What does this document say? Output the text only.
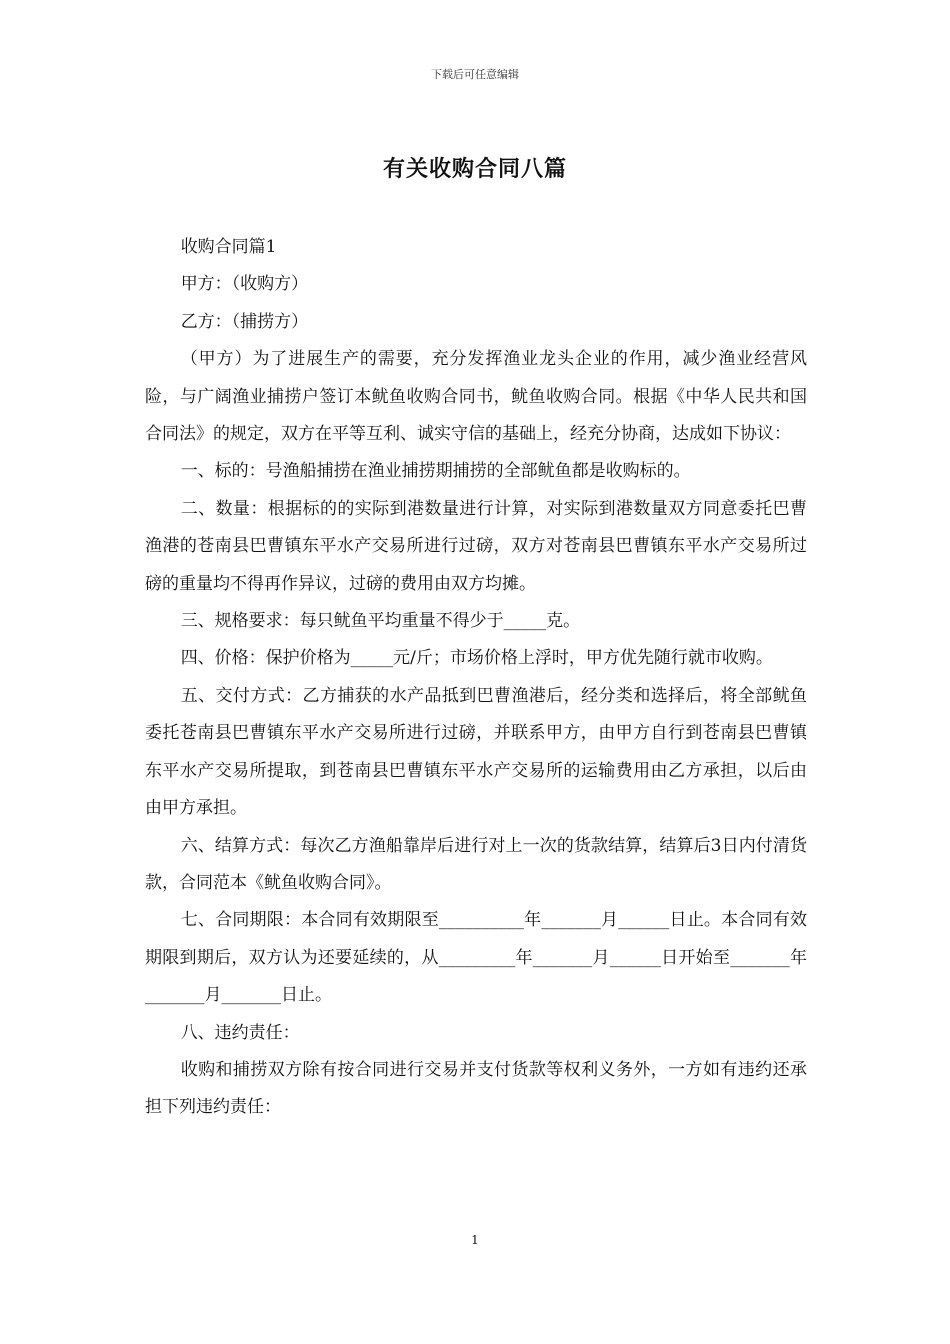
下载后可任意编辑
有关收购合同八篇

收购合同篇1

甲方：（收购方）

乙方：（捕捞方）

（甲方）为了进展生产的需要，充分发挥渔业龙头企业的作用，减少渔业经营风险，与广阔渔业捕捞户签订本鱿鱼收购合同书，鱿鱼收购合同。根据《中华人民共和国合同法》的规定，双方在平等互利、诚实守信的基础上，经充分协商，达成如下协议：

一、标的：号渔船捕捞在渔业捕捞期捕捞的全部鱿鱼都是收购标的。

二、数量：根据标的的实际到港数量进行计算，对实际到港数量双方同意委托巴曹渔港的苍南县巴曹镇东平水产交易所进行过磅，双方对苍南县巴曹镇东平水产交易所过磅的重量均不得再作异议，过磅的费用由双方均摊。

三、规格要求：每只鱿鱼平均重量不得少于_____克。

四、价格：保护价格为_____元/斤；市场价格上浮时，甲方优先随行就市收购。

五、交付方式：乙方捕获的水产品抵到巴曹渔港后，经分类和选择后，将全部鱿鱼委托苍南县巴曹镇东平水产交易所进行过磅，并联系甲方，由甲方自行到苍南县巴曹镇东平水产交易所提取，到苍南县巴曹镇东平水产交易所的运输费用由乙方承担，以后由由甲方承担。

六、结算方式：每次乙方渔船靠岸后进行对上一次的货款结算，结算后3日内付清货款，合同范本《鱿鱼收购合同》。

七、合同期限：本合同有效期限至__________年_______月______日止。本合同有效期限到期后，双方认为还要延续的，从_________年_______月______日开始至_______年_______月_______日止。

八、违约责任：

收购和捕捞双方除有按合同进行交易并支付货款等权利义务外，一方如有违约还承担下列违约责任：

1
